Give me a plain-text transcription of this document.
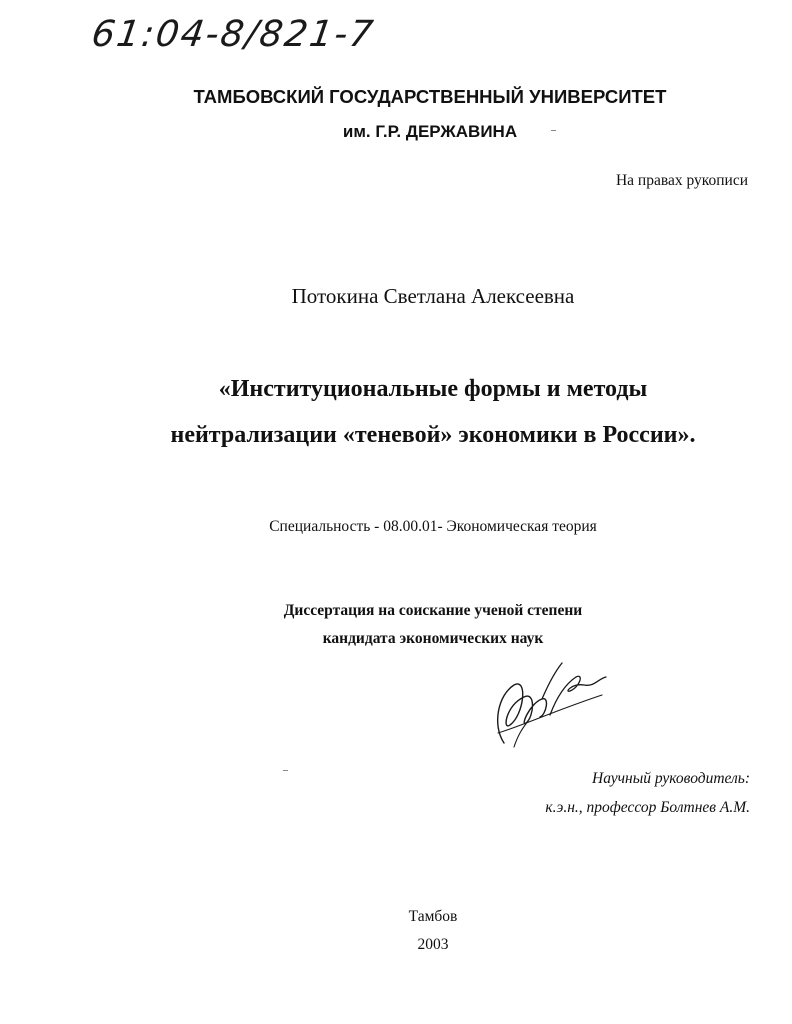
61:04-8/821-7
ТАМБОВСКИЙ ГОСУДАРСТВЕННЫЙ УНИВЕРСИТЕТ
им. Г.Р. ДЕРЖАВИНА
На правах рукописи
Потокина Светлана Алексеевна
«Институциональные формы и методы
нейтрализации «теневой» экономики в России».
Специальность - 08.00.01- Экономическая теория
Диссертация на соискание ученой степени
кандидата экономических наук
Научный руководитель:
к.э.н., профессор Болтнев А.М.
Тамбов
2003
